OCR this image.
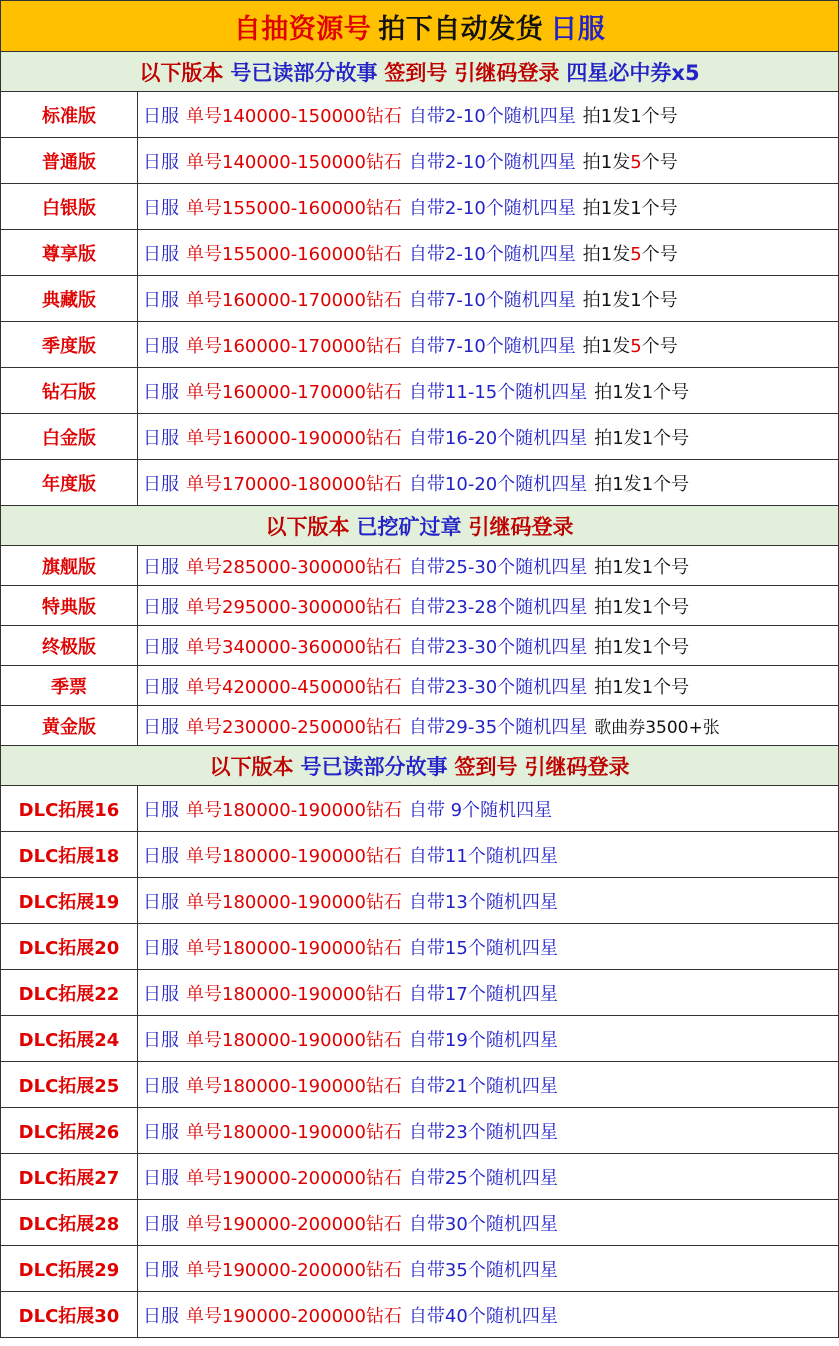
自抽资源号 拍下自动发货 日服
以下版本 号已读部分故事 签到号 引继码登录 四星必中券x5
标准版	日服 单号140000-150000钻石 自带2-10个随机四星 拍1发1个号
普通版	日服 单号140000-150000钻石 自带2-10个随机四星 拍1发5个号
白银版	日服 单号155000-160000钻石 自带2-10个随机四星 拍1发1个号
尊享版	日服 单号155000-160000钻石 自带2-10个随机四星 拍1发5个号
典藏版	日服 单号160000-170000钻石 自带7-10个随机四星 拍1发1个号
季度版	日服 单号160000-170000钻石 自带7-10个随机四星 拍1发5个号
钻石版	日服 单号160000-170000钻石 自带11-15个随机四星 拍1发1个号
白金版	日服 单号160000-190000钻石 自带16-20个随机四星 拍1发1个号
年度版	日服 单号170000-180000钻石 自带10-20个随机四星 拍1发1个号
以下版本 已挖矿过章 引继码登录
旗舰版	日服 单号285000-300000钻石 自带25-30个随机四星 拍1发1个号
特典版	日服 单号295000-300000钻石 自带23-28个随机四星 拍1发1个号
终极版	日服 单号340000-360000钻石 自带23-30个随机四星 拍1发1个号
季票	日服 单号420000-450000钻石 自带23-30个随机四星 拍1发1个号
黄金版	日服 单号230000-250000钻石 自带29-35个随机四星 歌曲券3500+张
以下版本 号已读部分故事 签到号 引继码登录
DLC拓展16	日服 单号180000-190000钻石 自带 9个随机四星
DLC拓展18	日服 单号180000-190000钻石 自带11个随机四星
DLC拓展19	日服 单号180000-190000钻石 自带13个随机四星
DLC拓展20	日服 单号180000-190000钻石 自带15个随机四星
DLC拓展22	日服 单号180000-190000钻石 自带17个随机四星
DLC拓展24	日服 单号180000-190000钻石 自带19个随机四星
DLC拓展25	日服 单号180000-190000钻石 自带21个随机四星
DLC拓展26	日服 单号180000-190000钻石 自带23个随机四星
DLC拓展27	日服 单号190000-200000钻石 自带25个随机四星
DLC拓展28	日服 单号190000-200000钻石 自带30个随机四星
DLC拓展29	日服 单号190000-200000钻石 自带35个随机四星
DLC拓展30	日服 单号190000-200000钻石 自带40个随机四星
